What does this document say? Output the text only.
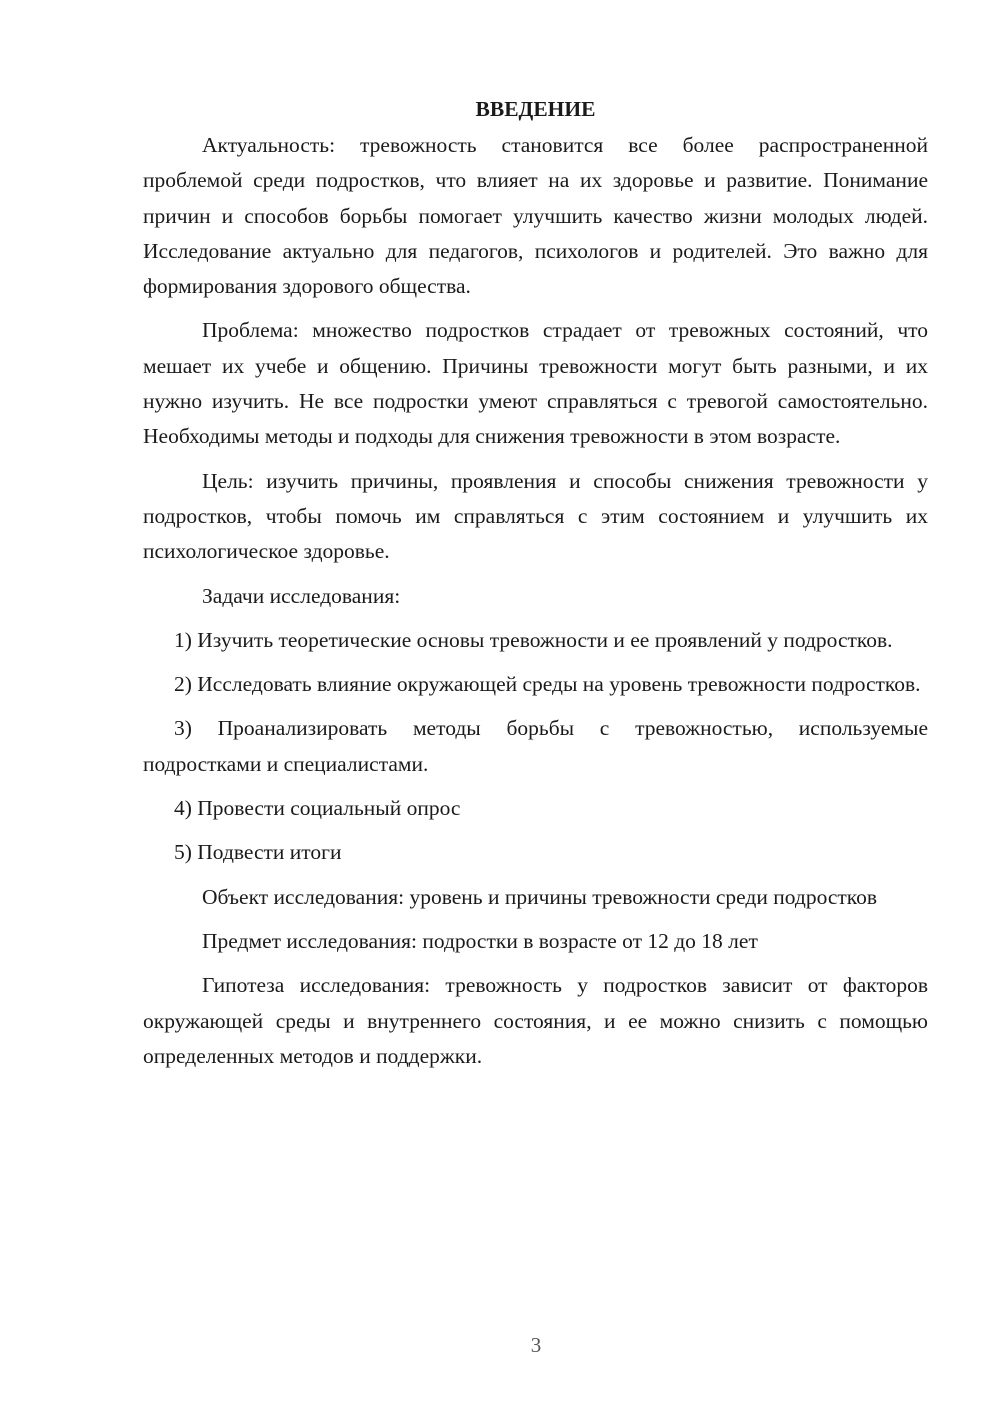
ВВЕДЕНИЕ

Актуальность: тревожность становится все более распространенной проблемой среди подростков, что влияет на их здоровье и развитие. Понимание причин и способов борьбы помогает улучшить качество жизни молодых людей. Исследование актуально для педагогов, психологов и родителей. Это важно для формирования здорового общества.

Проблема: множество подростков страдает от тревожных состояний, что мешает их учебе и общению. Причины тревожности могут быть разными, и их нужно изучить. Не все подростки умеют справляться с тревогой самостоятельно. Необходимы методы и подходы для снижения тревожности в этом возрасте.

Цель: изучить причины, проявления и способы снижения тревожности у подростков, чтобы помочь им справляться с этим состоянием и улучшить их психологическое здоровье.

Задачи исследования:

1) Изучить теоретические основы тревожности и ее проявлений у подростков.

2) Исследовать влияние окружающей среды на уровень тревожности подростков.

3) Проанализировать методы борьбы с тревожностью, используемые подростками и специалистами.

4) Провести социальный опрос

5) Подвести итоги

Объект исследования: уровень и причины тревожности среди подростков

Предмет исследования: подростки в возрасте от 12 до 18 лет

Гипотеза исследования: тревожность у подростков зависит от факторов окружающей среды и внутреннего состояния, и ее можно снизить с помощью определенных методов и поддержки.

3
